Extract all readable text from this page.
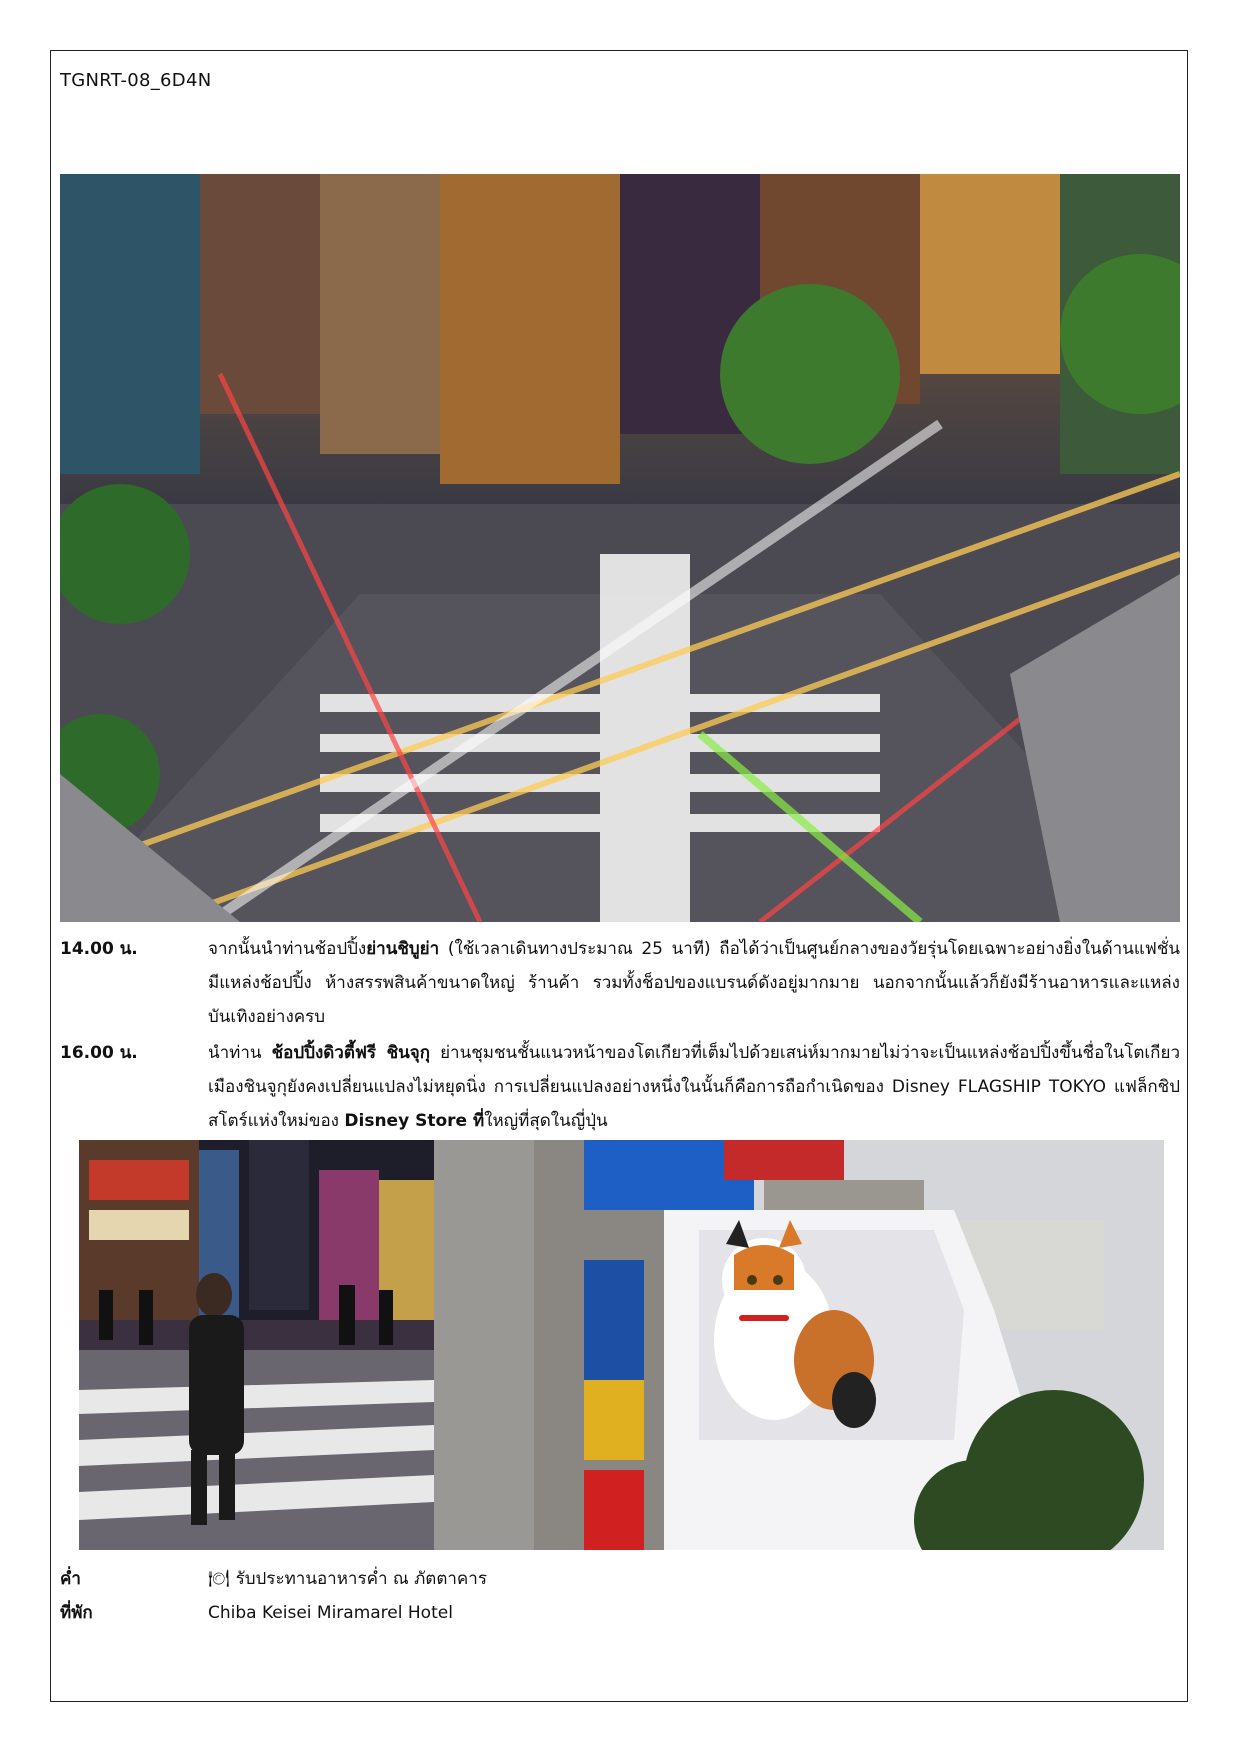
TGNRT-08_6D4N
14.00 น.	จากนั้นนำท่านช้อปปิ้งย่านชิบูย่า (ใช้เวลาเดินทางประมาณ 25 นาที) ถือได้ว่าเป็นศูนย์กลางของวัยรุ่นโดยเฉพาะอย่างยิ่งในด้านแฟชั่น มีแหล่งช้อปปิ้ง ห้างสรรพสินค้าขนาดใหญ่ ร้านค้า รวมทั้งช็อปของแบรนด์ดังอยู่มากมาย นอกจากนั้นแล้วก็ยังมีร้านอาหารและแหล่งบันเทิงอย่างครบ
16.00 น.	นำท่าน ช้อปปิ้งดิวตี้ฟรี ชินจุกุ ย่านชุมชนชั้นแนวหน้าของโตเกียวที่เต็มไปด้วยเสน่ห์มากมายไม่ว่าจะเป็นแหล่งช้อปปิ้งขึ้นชื่อในโตเกียว เมืองชินจูกุยังคงเปลี่ยนแปลงไม่หยุดนิ่ง การเปลี่ยนแปลงอย่างหนึ่งในนั้นก็คือการถือกำเนิดของ Disney FLAGSHIP TOKYO แฟล็กชิปสโตร์แห่งใหม่ของ Disney Store ที่ใหญ่ที่สุดในญี่ปุ่น
ค่ำ	🍽 รับประทานอาหารค่ำ ณ ภัตตาคาร
ที่พัก	Chiba Keisei Miramarel Hotel
